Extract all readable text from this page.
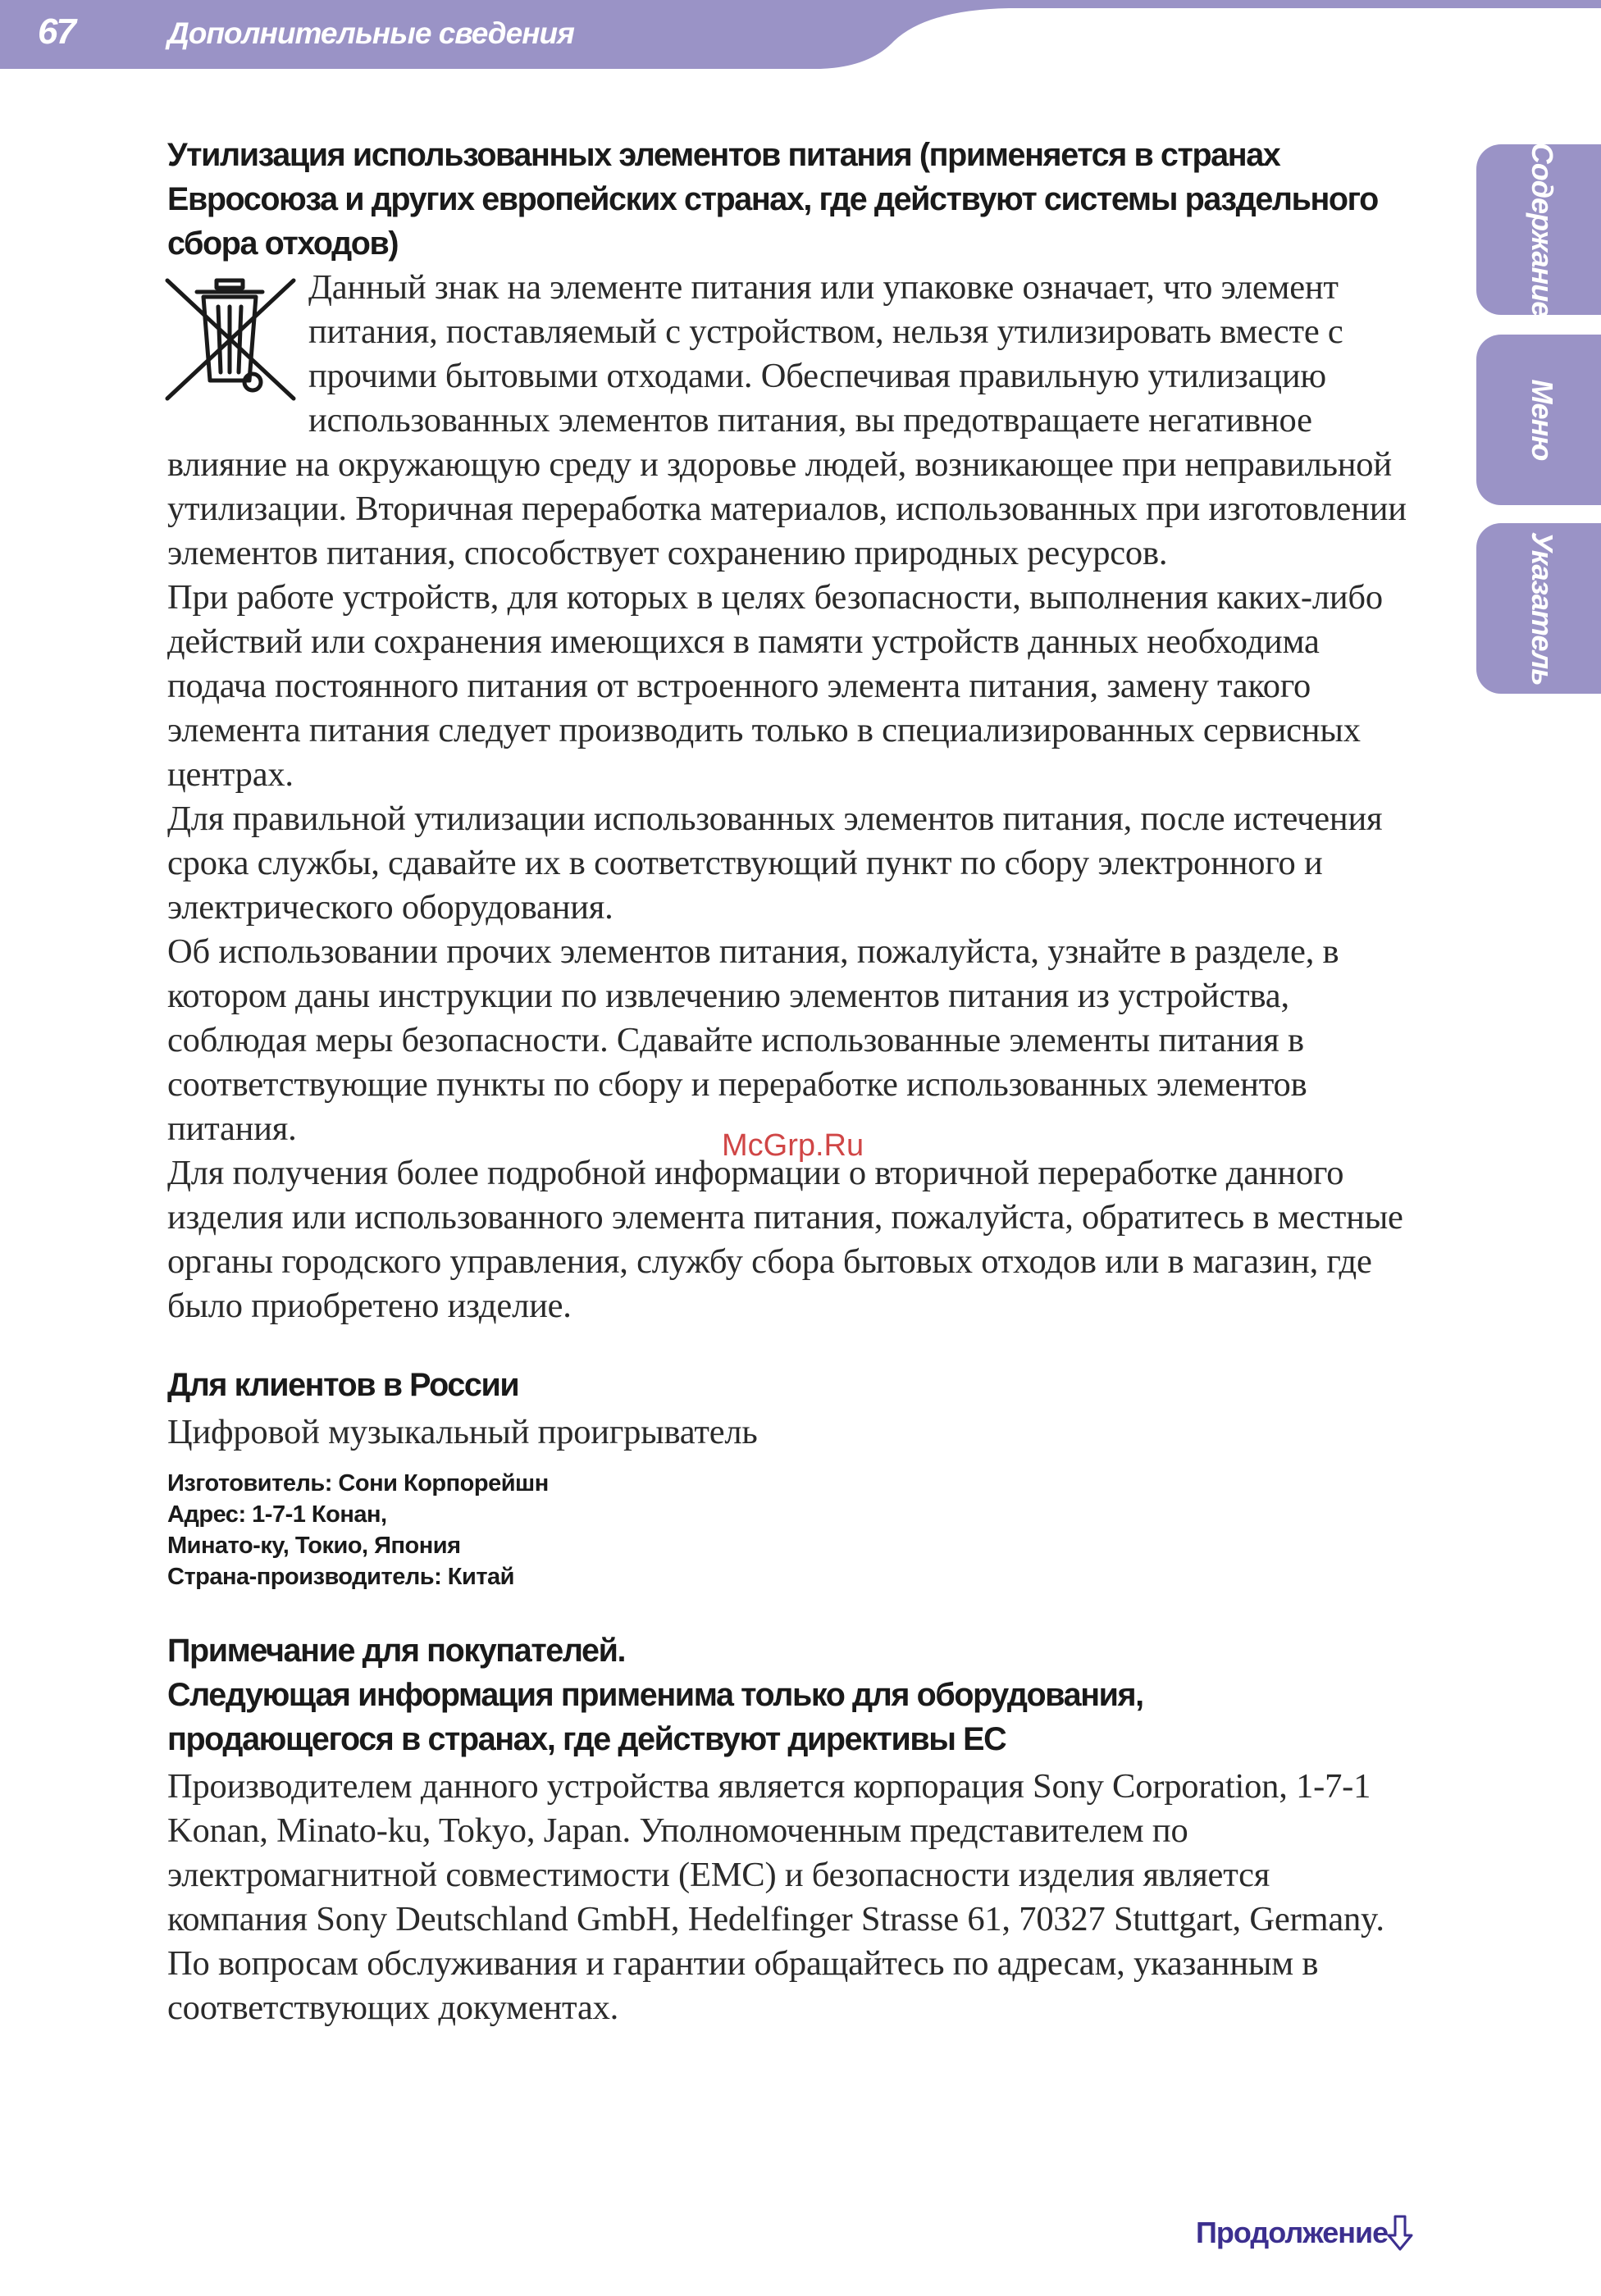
67	Дополнительные сведения
Содержание
Меню
Указатель
Утилизация использованных элементов питания (применяется в странах
Евросоюза и других европейских странах, где действуют системы раздельного
сбора отходов)

Данный знак на элементе питания или упаковке означает, что элемент питания, поставляемый с устройством, нельзя утилизировать вместе с прочими бытовыми отходами. Обеспечивая правильную утилизацию использованных элементов питания, вы предотвращаете негативное влияние на окружающую среду и здоровье людей, возникающее при неправильной утилизации. Вторичная переработка материалов, использованных при изготовлении элементов питания, способствует сохранению природных ресурсов.

При работе устройств, для которых в целях безопасности, выполнения каких-либо действий или сохранения имеющихся в памяти устройств данных необходима подача постоянного питания от встроенного элемента питания, замену такого элемента питания следует производить только в специализированных сервисных центрах.

Для правильной утилизации использованных элементов питания, после истечения срока службы, сдавайте их в соответствующий пункт по сбору электронного и электрического оборудования.

Об использовании прочих элементов питания, пожалуйста, узнайте в разделе, в котором даны инструкции по извлечению элементов питания из устройства, соблюдая меры безопасности. Сдавайте использованные элементы питания в соответствующие пункты по сбору и переработке использованных элементов питания.

Для получения более подробной информации о вторичной переработке данного изделия или использованного элемента питания, пожалуйста, обратитесь в местные органы городского управления, службу сбора бытовых отходов или в магазин, где было приобретено изделие.

Для клиентов в России

Цифровой музыкальный проигрыватель

Изготовитель: Сони Корпорейшн

Адрес: 1-7-1 Конан,

Минато-ку, Токио, Япония

Страна-производитель: Китай

Примечание для покупателей.
Следующая информация применима только для оборудования,
продающегося в странах, где действуют директивы ЕС

Производителем данного устройства является корпорация Sony Corporation, 1-7-1 Konan, Minato-ku, Tokyo, Japan. Уполномоченным представителем по электромагнитной совместимости (EMC) и безопасности изделия является компания Sony Deutschland GmbH, Hedelfinger Strasse 61, 70327 Stuttgart, Germany.

По вопросам обслуживания и гарантии обращайтесь по адресам, указанным в соответствующих документах.

McGrp.Ru
Продолжение
